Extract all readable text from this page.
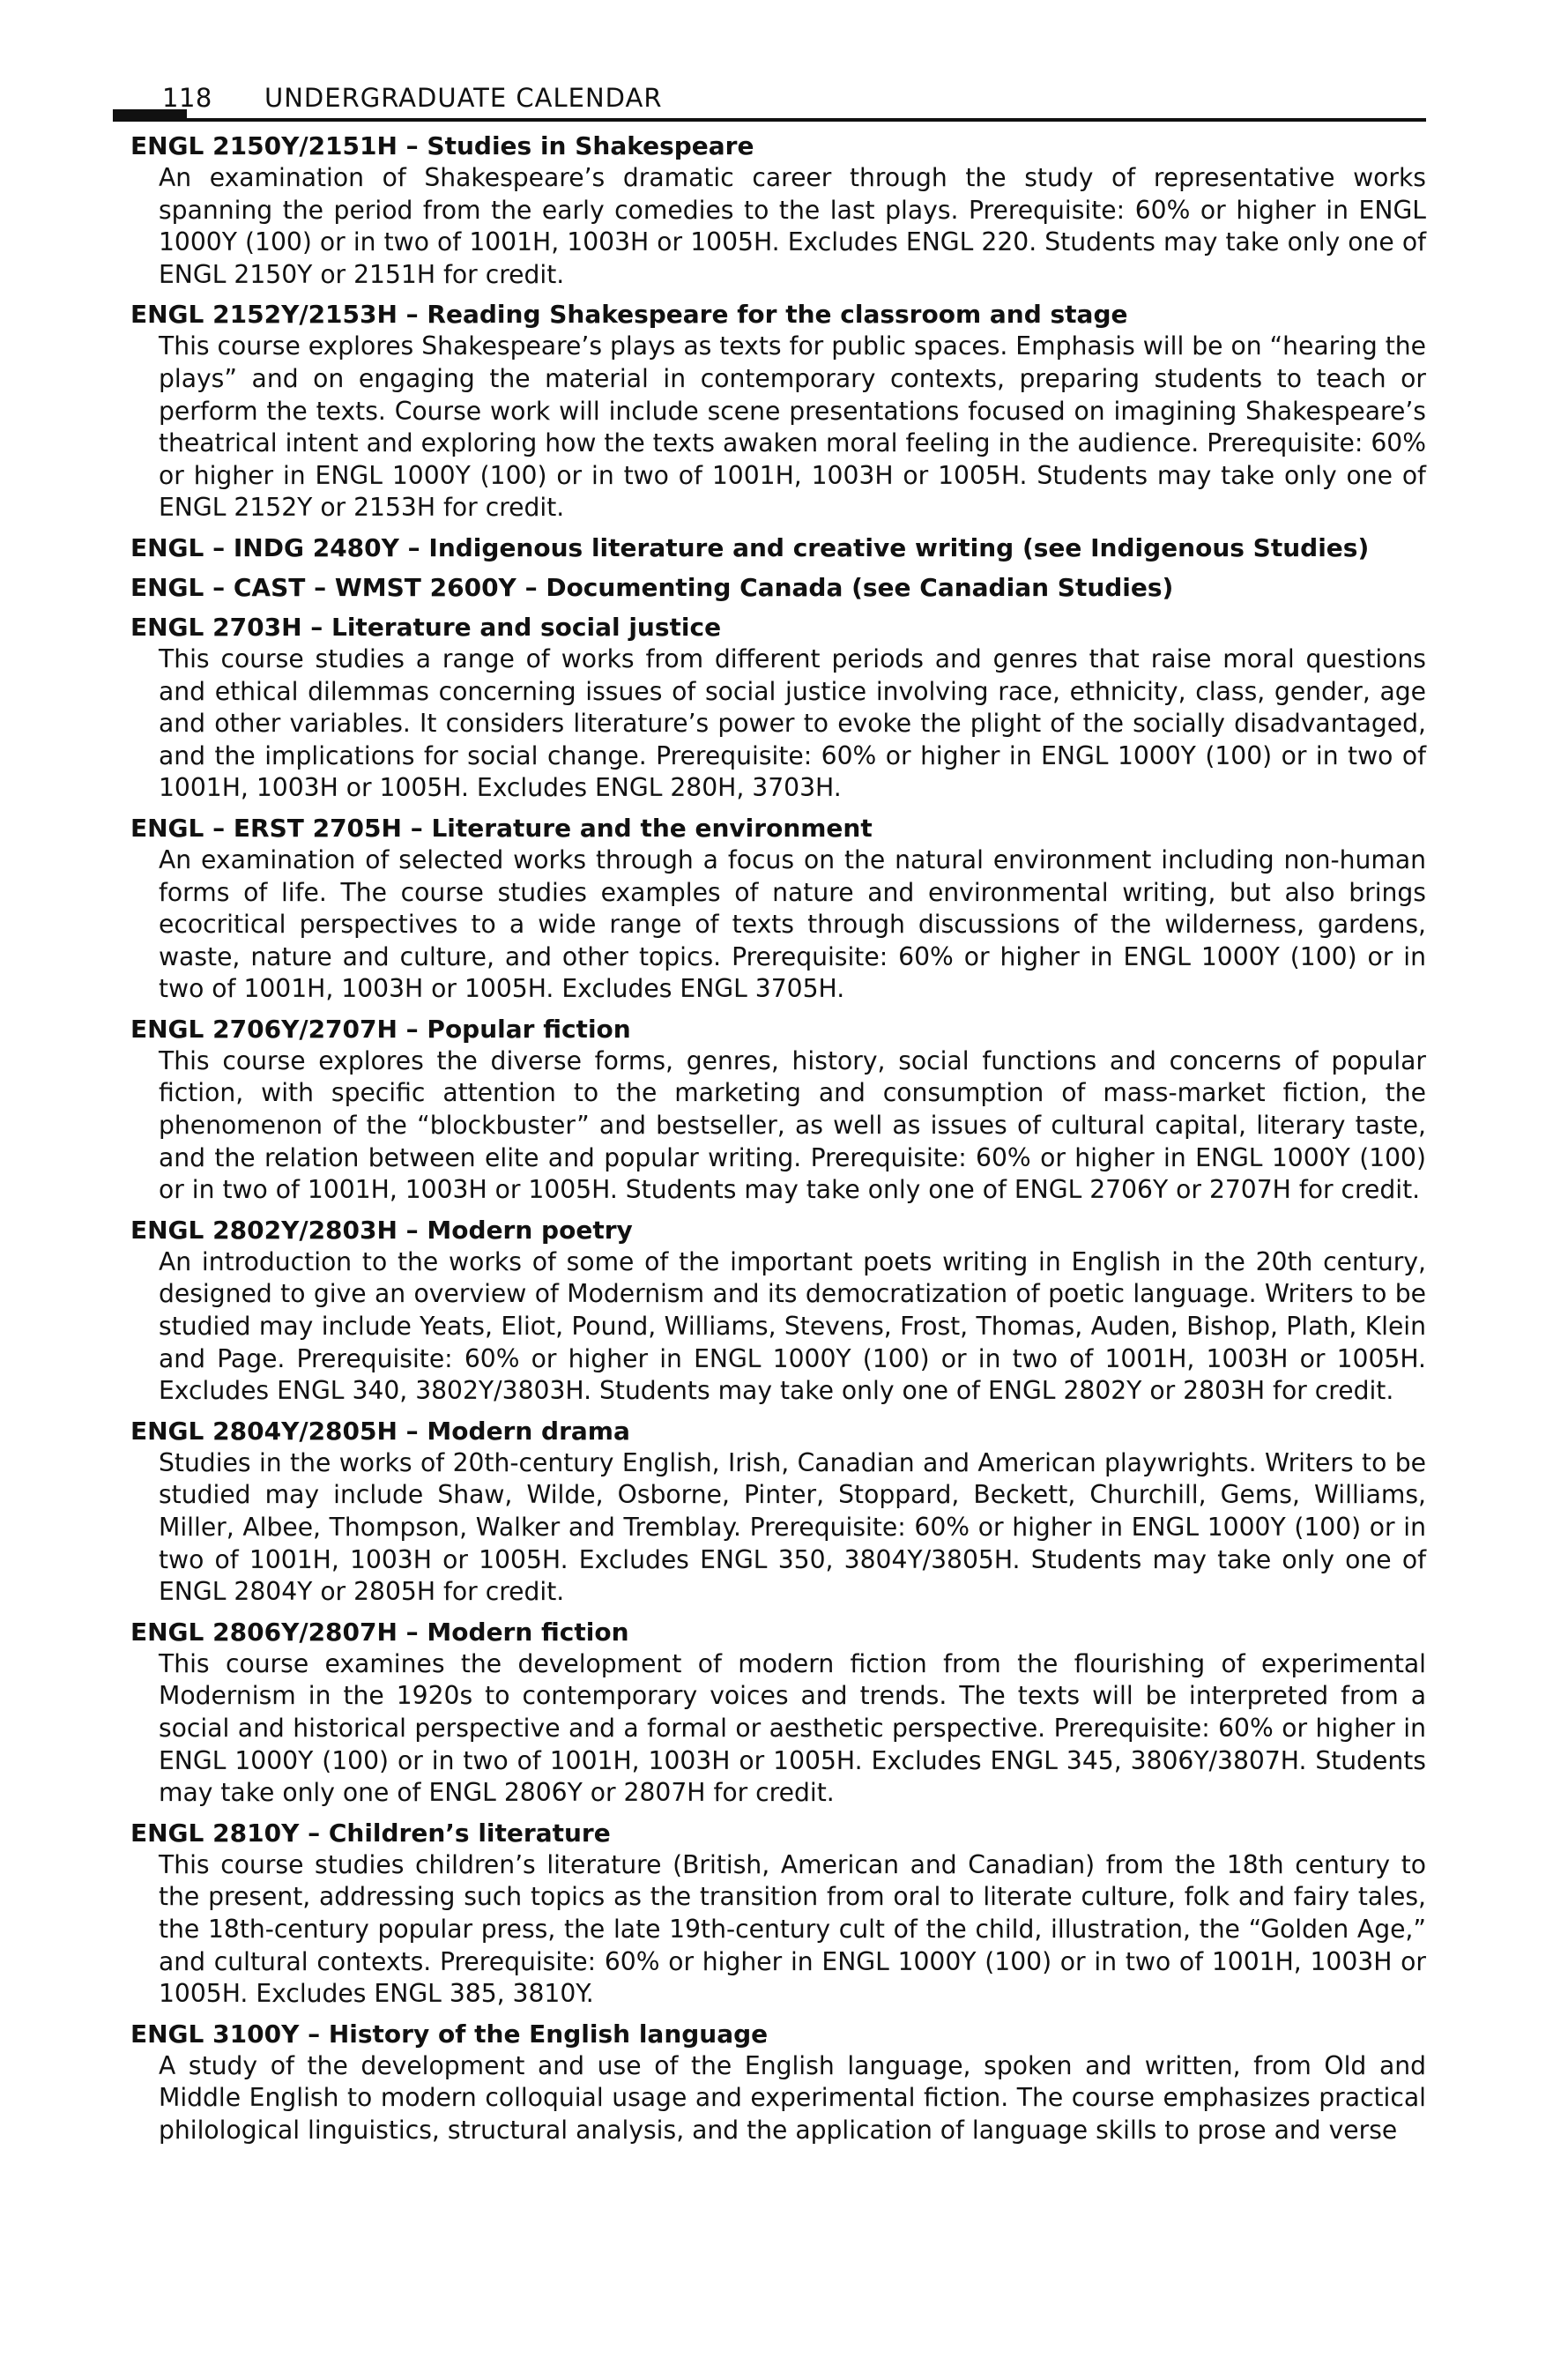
118 UNDERGRADUATE CALENDAR
ENGL 2150Y/2151H – Studies in Shakespeare
An examination of Shakespeare’s dramatic career through the study of representative works spanning the period from the early comedies to the last plays. Prerequisite: 60% or higher in ENGL 1000Y (100) or in two of 1001H, 1003H or 1005H. Excludes ENGL 220. Students may take only one of ENGL 2150Y or 2151H for credit.
ENGL 2152Y/2153H – Reading Shakespeare for the classroom and stage
This course explores Shakespeare’s plays as texts for public spaces. Emphasis will be on “hearing the plays” and on engaging the material in contemporary contexts, preparing students to teach or perform the texts. Course work will include scene presentations focused on imagining Shakespeare’s theatrical intent and exploring how the texts awaken moral feeling in the audience. Prerequisite: 60% or higher in ENGL 1000Y (100) or in two of 1001H, 1003H or 1005H. Students may take only one of ENGL 2152Y or 2153H for credit.
ENGL – INDG 2480Y – Indigenous literature and creative writing (see Indigenous Studies)
ENGL – CAST – WMST 2600Y – Documenting Canada (see Canadian Studies)
ENGL 2703H – Literature and social justice
This course studies a range of works from different periods and genres that raise moral questions and ethical dilemmas concerning issues of social justice involving race, ethnicity, class, gender, age and other variables. It considers literature’s power to evoke the plight of the socially disadvantaged, and the implications for social change. Prerequisite: 60% or higher in ENGL 1000Y (100) or in two of 1001H, 1003H or 1005H. Excludes ENGL 280H, 3703H.
ENGL – ERST 2705H – Literature and the environment
An examination of selected works through a focus on the natural environment including non-human forms of life. The course studies examples of nature and environmental writing, but also brings ecocritical perspectives to a wide range of texts through discussions of the wilderness, gardens, waste, nature and culture, and other topics. Prerequisite: 60% or higher in ENGL 1000Y (100) or in two of 1001H, 1003H or 1005H. Excludes ENGL 3705H.
ENGL 2706Y/2707H – Popular fiction
This course explores the diverse forms, genres, history, social functions and concerns of popular fiction, with specific attention to the marketing and consumption of mass-market fiction, the phenomenon of the “blockbuster” and bestseller, as well as issues of cultural capital, literary taste, and the relation between elite and popular writing. Prerequisite: 60% or higher in ENGL 1000Y (100) or in two of 1001H, 1003H or 1005H. Students may take only one of ENGL 2706Y or 2707H for credit.
ENGL 2802Y/2803H – Modern poetry
An introduction to the works of some of the important poets writing in English in the 20th century, designed to give an overview of Modernism and its democratization of poetic language. Writers to be studied may include Yeats, Eliot, Pound, Williams, Stevens, Frost, Thomas, Auden, Bishop, Plath, Klein and Page. Prerequisite: 60% or higher in ENGL 1000Y (100) or in two of 1001H, 1003H or 1005H. Excludes ENGL 340, 3802Y/3803H. Students may take only one of ENGL 2802Y or 2803H for credit.
ENGL 2804Y/2805H – Modern drama
Studies in the works of 20th-century English, Irish, Canadian and American playwrights. Writers to be studied may include Shaw, Wilde, Osborne, Pinter, Stoppard, Beckett, Churchill, Gems, Williams, Miller, Albee, Thompson, Walker and Tremblay. Prerequisite: 60% or higher in ENGL 1000Y (100) or in two of 1001H, 1003H or 1005H. Excludes ENGL 350, 3804Y/3805H. Students may take only one of ENGL 2804Y or 2805H for credit.
ENGL 2806Y/2807H – Modern fiction
This course examines the development of modern fiction from the flourishing of experimental Modernism in the 1920s to contemporary voices and trends. The texts will be interpreted from a social and historical perspective and a formal or aesthetic perspective. Prerequisite: 60% or higher in ENGL 1000Y (100) or in two of 1001H, 1003H or 1005H. Excludes ENGL 345, 3806Y/3807H. Students may take only one of ENGL 2806Y or 2807H for credit.
ENGL 2810Y – Children’s literature
This course studies children’s literature (British, American and Canadian) from the 18th century to the present, addressing such topics as the transition from oral to literate culture, folk and fairy tales, the 18th-century popular press, the late 19th-century cult of the child, illustration, the “Golden Age,” and cultural contexts. Prerequisite: 60% or higher in ENGL 1000Y (100) or in two of 1001H, 1003H or 1005H. Excludes ENGL 385, 3810Y.
ENGL 3100Y – History of the English language
A study of the development and use of the English language, spoken and written, from Old and Middle English to modern colloquial usage and experimental fiction. The course emphasizes practical philological linguistics, structural analysis, and the application of language skills to prose and verse
